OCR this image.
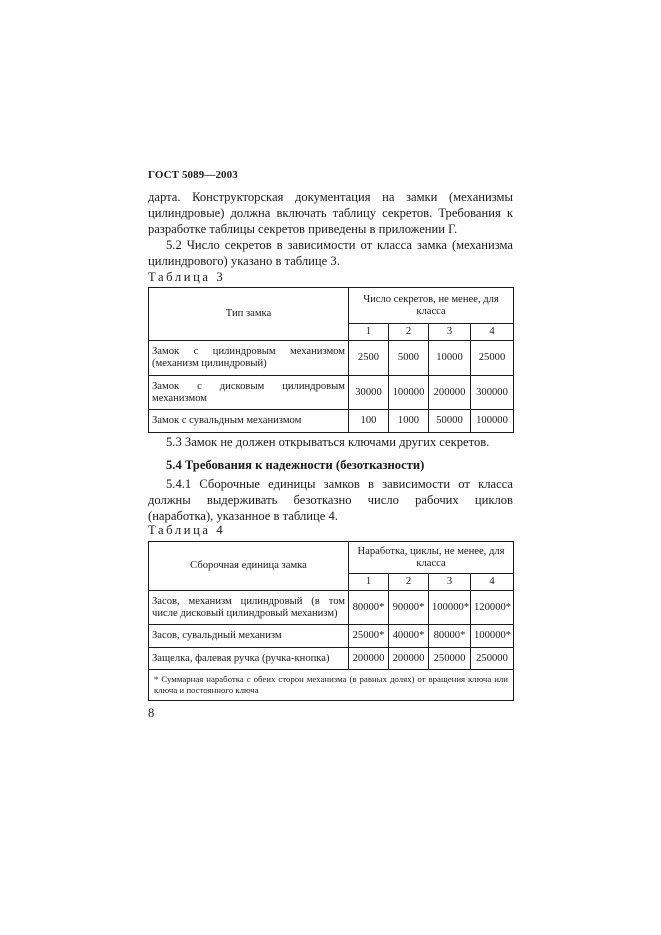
ГОСТ 5089—2003

дарта. Конструкторская документация на замки (механизмы цилиндровые) должна включать таблицу секретов. Требования к разработке таблицы секретов приведены в приложении Г.

5.2 Число секретов в зависимости от класса замка (механизма цилиндрового) указано в таблице 3.

Таблица 3
Тип замка	Число секретов, не менее, для класса			
	1	2	3	4
Замок с цилиндровым механизмом (механизм цилиндровый)	2500	5000	10000	25000
Замок с дисковым цилиндровым механизмом	30000	100000	200000	300000
Замок с сувальдным механизмом	100	1000	50000	100000

5.3 Замок не должен открываться ключами других секретов.

5.4 Требования к надежности (безотказности)

5.4.1 Сборочные единицы замков в зависимости от класса должны выдерживать безотказно число рабочих циклов (наработка), указанное в таблице 4.

Таблица 4
Сборочная единица замка	Наработка, циклы, не менее, для класса			
	1	2	3	4
Засов, механизм цилиндровый (в том числе дисковый цилиндровый механизм)	80000*	90000*	100000*	120000*
Засов, сувальдный механизм	25000*	40000*	80000*	100000*
Защелка, фалевая ручка (ручка-кнопка)	200000	200000	250000	250000
* Суммарная наработка с обеих сторон механизма (в равных долях) от вращения ключа или ключа и постоянного ключа				
8
